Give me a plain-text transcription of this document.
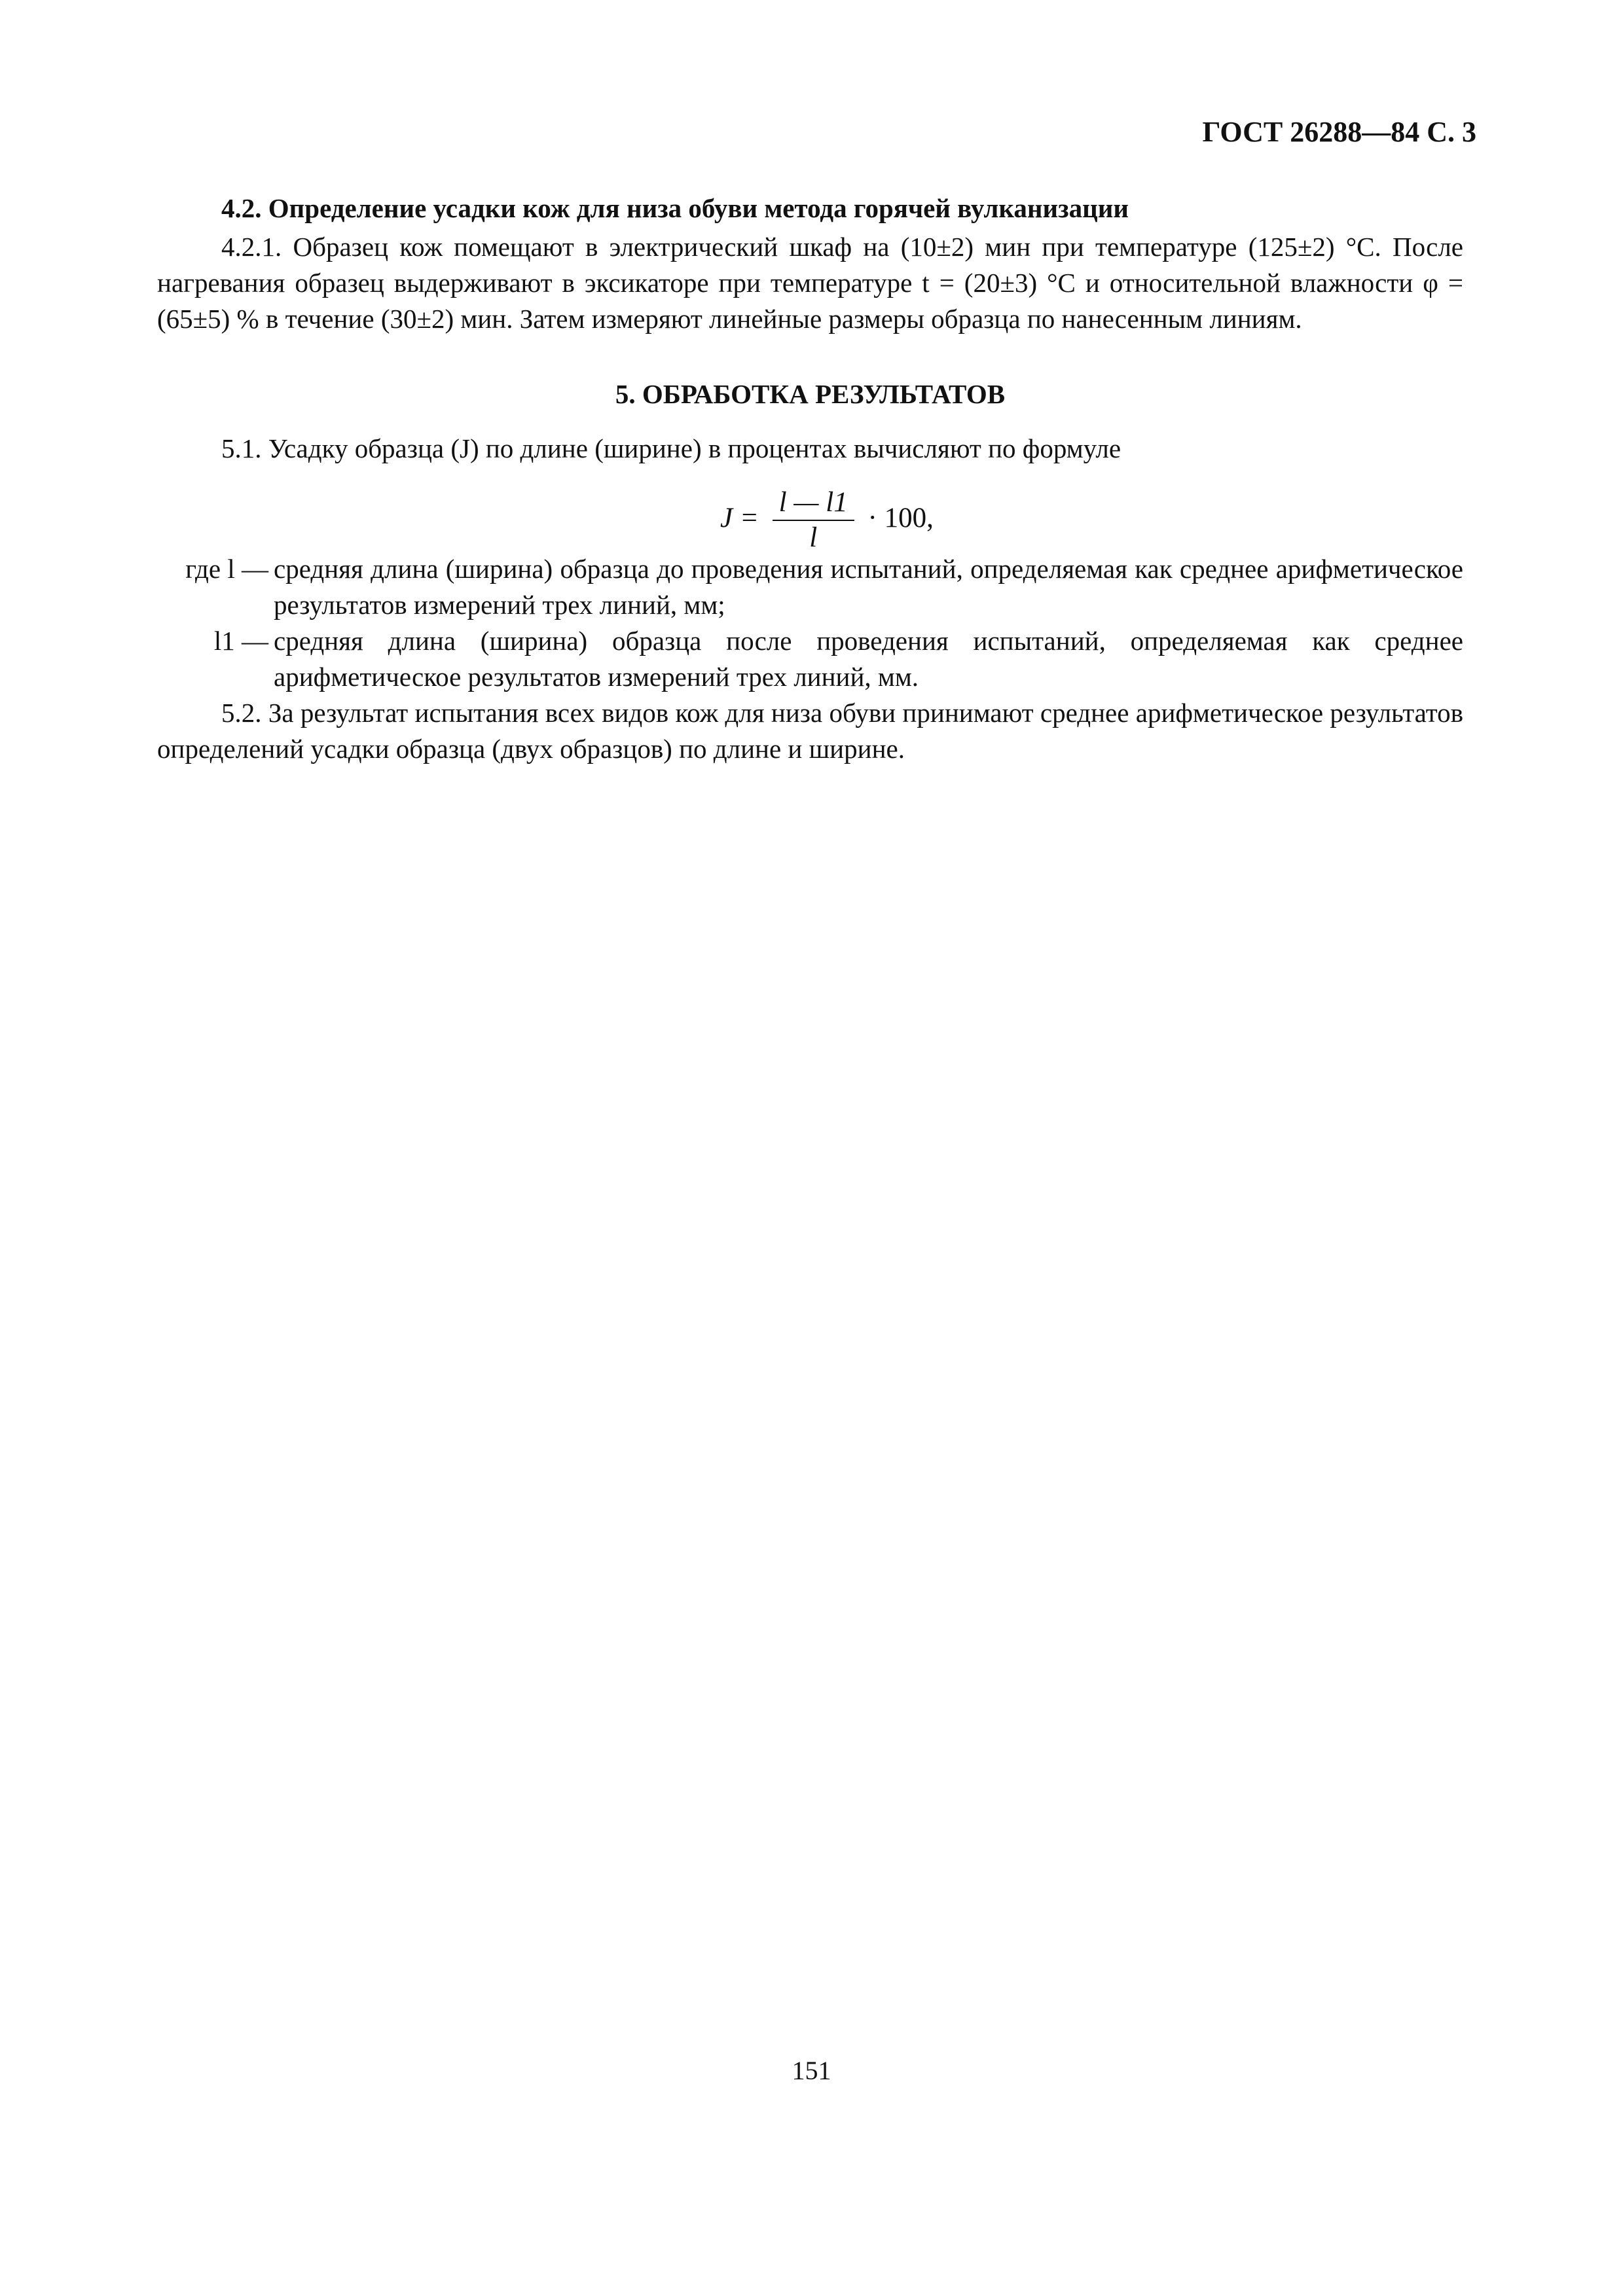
ГОСТ 26288—84 С. 3
4.2. Определение усадки кож для низа обуви метода горячей вулканизации
4.2.1. Образец кож помещают в электрический шкаф на (10±2) мин при температуре (125±2) °С. После нагревания образец выдерживают в эксикаторе при температуре t = (20±3) °С и относительной влажности φ = (65±5) % в течение (30±2) мин. Затем измеряют линейные размеры образца по нанесенным линиям.
5. ОБРАБОТКА РЕЗУЛЬТАТОВ
5.1. Усадку образца (J) по длине (ширине) в процентах вычисляют по формуле
$J = \frac{l — l1}{l} \cdot 100$,
где l — средняя длина (ширина) образца до проведения испытаний, определяемая как среднее арифметическое результатов измерений трех линий, мм;
l1 — средняя длина (ширина) образца после проведения испытаний, определяемая как среднее арифметическое результатов измерений трех линий, мм.
5.2. За результат испытания всех видов кож для низа обуви принимают среднее арифметическое результатов определений усадки образца (двух образцов) по длине и ширине.
151
